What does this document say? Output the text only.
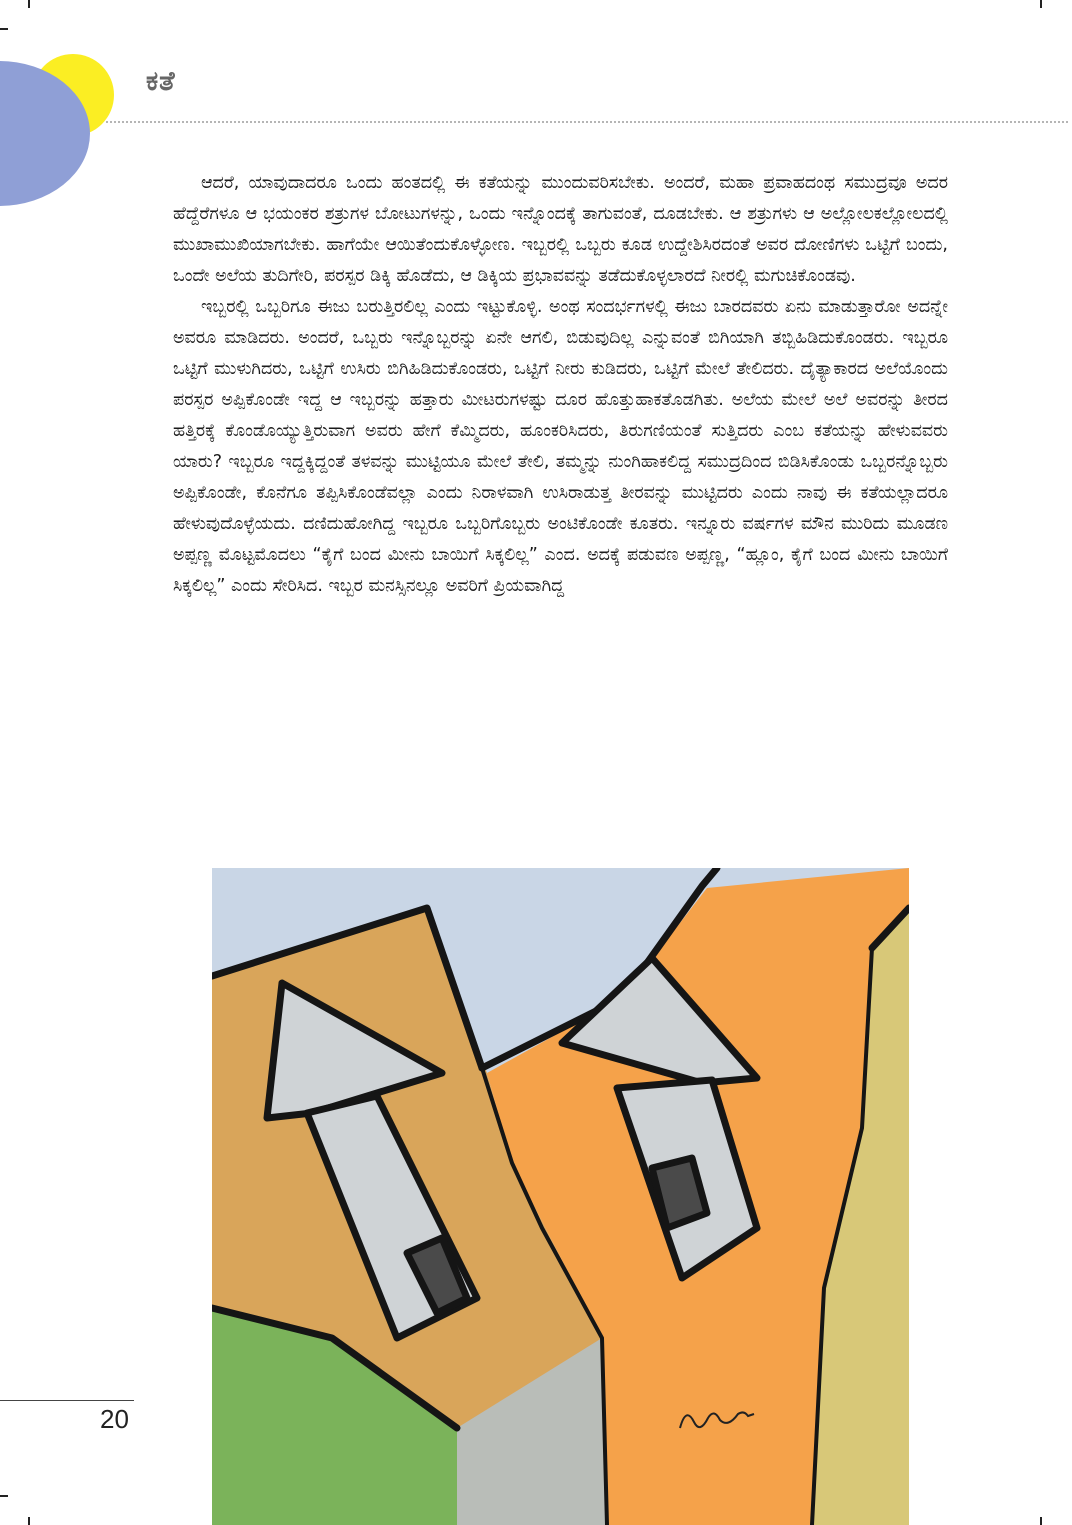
ಕತೆ

ಆದರೆ, ಯಾವುದಾದರೂ ಒಂದು ಹಂತದಲ್ಲಿ ಈ ಕತೆಯನ್ನು ಮುಂದುವರಿಸಬೇಕು. ಅಂದರೆ, ಮಹಾ ಪ್ರವಾಹದಂಥ ಸಮುದ್ರವೂ ಅದರ ಹೆದ್ದೆರೆಗಳೂ ಆ ಭಯಂಕರ ಶತ್ರುಗಳ ಬೋಟುಗಳನ್ನು, ಒಂದು ಇನ್ನೊಂದಕ್ಕೆ ತಾಗುವಂತೆ, ದೂಡಬೇಕು. ಆ ಶತ್ರುಗಳು ಆ ಅಲ್ಲೋಲಕಲ್ಲೋಲದಲ್ಲಿ ಮುಖಾಮುಖಿಯಾಗಬೇಕು. ಹಾಗೆಯೇ ಆಯಿತೆಂದುಕೊಳ್ಳೋಣ. ಇಬ್ಬರಲ್ಲಿ ಒಬ್ಬರು ಕೂಡ ಉದ್ದೇಶಿಸಿರದಂತೆ ಅವರ ದೋಣಿಗಳು ಒಟ್ಟಿಗೆ ಬಂದು, ಒಂದೇ ಅಲೆಯ ತುದಿಗೇರಿ, ಪರಸ್ಪರ ಡಿಕ್ಕಿ ಹೊಡೆದು, ಆ ಡಿಕ್ಕಿಯ ಪ್ರಭಾವವನ್ನು ತಡೆದುಕೊಳ್ಳಲಾರದೆ ನೀರಲ್ಲಿ ಮಗುಚಿಕೊಂಡವು.

ಇಬ್ಬರಲ್ಲಿ ಒಬ್ಬರಿಗೂ ಈಜು ಬರುತ್ತಿರಲಿಲ್ಲ ಎಂದು ಇಟ್ಟುಕೊಳ್ಳಿ. ಅಂಥ ಸಂದರ್ಭಗಳಲ್ಲಿ ಈಜು ಬಾರದವರು ಏನು ಮಾಡುತ್ತಾರೋ ಅದನ್ನೇ ಅವರೂ ಮಾಡಿದರು. ಅಂದರೆ, ಒಬ್ಬರು ಇನ್ನೊಬ್ಬರನ್ನು ಏನೇ ಆಗಲಿ, ಬಿಡುವುದಿಲ್ಲ ಎನ್ನುವಂತೆ ಬಿಗಿಯಾಗಿ ತಬ್ಬಿಹಿಡಿದುಕೊಂಡರು. ಇಬ್ಬರೂ ಒಟ್ಟಿಗೆ ಮುಳುಗಿದರು, ಒಟ್ಟಿಗೆ ಉಸಿರು ಬಿಗಿಹಿಡಿದುಕೊಂಡರು, ಒಟ್ಟಿಗೆ ನೀರು ಕುಡಿದರು, ಒಟ್ಟಿಗೆ ಮೇಲೆ ತೇಲಿದರು. ದೈತ್ಯಾಕಾರದ ಅಲೆಯೊಂದು ಪರಸ್ಪರ ಅಪ್ಪಿಕೊಂಡೇ ಇದ್ದ ಆ ಇಬ್ಬರನ್ನು ಹತ್ತಾರು ಮೀಟರುಗಳಷ್ಟು ದೂರ ಹೊತ್ತುಹಾಕತೊಡಗಿತು. ಅಲೆಯ ಮೇಲೆ ಅಲೆ ಅವರನ್ನು ತೀರದ ಹತ್ತಿರಕ್ಕೆ ಕೊಂಡೊಯ್ಯುತ್ತಿರುವಾಗ ಅವರು ಹೇಗೆ ಕೆಮ್ಮಿದರು, ಹೂಂಕರಿಸಿದರು, ತಿರುಗಣಿಯಂತೆ ಸುತ್ತಿದರು ಎಂಬ ಕತೆಯನ್ನು ಹೇಳುವವರು ಯಾರು? ಇಬ್ಬರೂ ಇದ್ದಕ್ಕಿದ್ದಂತೆ ತಳವನ್ನು ಮುಟ್ಟಿಯೂ ಮೇಲೆ ತೇಲಿ, ತಮ್ಮನ್ನು ನುಂಗಿಹಾಕಲಿದ್ದ ಸಮುದ್ರದಿಂದ ಬಿಡಿಸಿಕೊಂಡು ಒಬ್ಬರನ್ನೊಬ್ಬರು ಅಪ್ಪಿಕೊಂಡೇ, ಕೊನೆಗೂ ತಪ್ಪಿಸಿಕೊಂಡೆವಲ್ಲಾ ಎಂದು ನಿರಾಳವಾಗಿ ಉಸಿರಾಡುತ್ತ ತೀರವನ್ನು ಮುಟ್ಟಿದರು ಎಂದು ನಾವು ಈ ಕತೆಯಲ್ಲಾದರೂ ಹೇಳುವುದೊಳ್ಳೆಯದು. ದಣಿದುಹೋಗಿದ್ದ ಇಬ್ಬರೂ ಒಬ್ಬರಿಗೊಬ್ಬರು ಅಂಟಿಕೊಂಡೇ ಕೂತರು. ಇನ್ನೂರು ವರ್ಷಗಳ ಮೌನ ಮುರಿದು ಮೂಡಣ ಅಪ್ಪಣ್ಣ ಮೊಟ್ಟಮೊದಲು “ಕೈಗೆ ಬಂದ ಮೀನು ಬಾಯಿಗೆ ಸಿಕ್ಕಲಿಲ್ಲ” ಎಂದ. ಅದಕ್ಕೆ ಪಡುವಣ ಅಪ್ಪಣ್ಣ, “ಹ್ಲೂಂ, ಕೈಗೆ ಬಂದ ಮೀನು ಬಾಯಿಗೆ ಸಿಕ್ಕಲಿಲ್ಲ” ಎಂದು ಸೇರಿಸಿದ. ಇಬ್ಬರ ಮನಸ್ಸಿನಲ್ಲೂ ಅವರಿಗೆ ಪ್ರಿಯವಾಗಿದ್ದ

20
